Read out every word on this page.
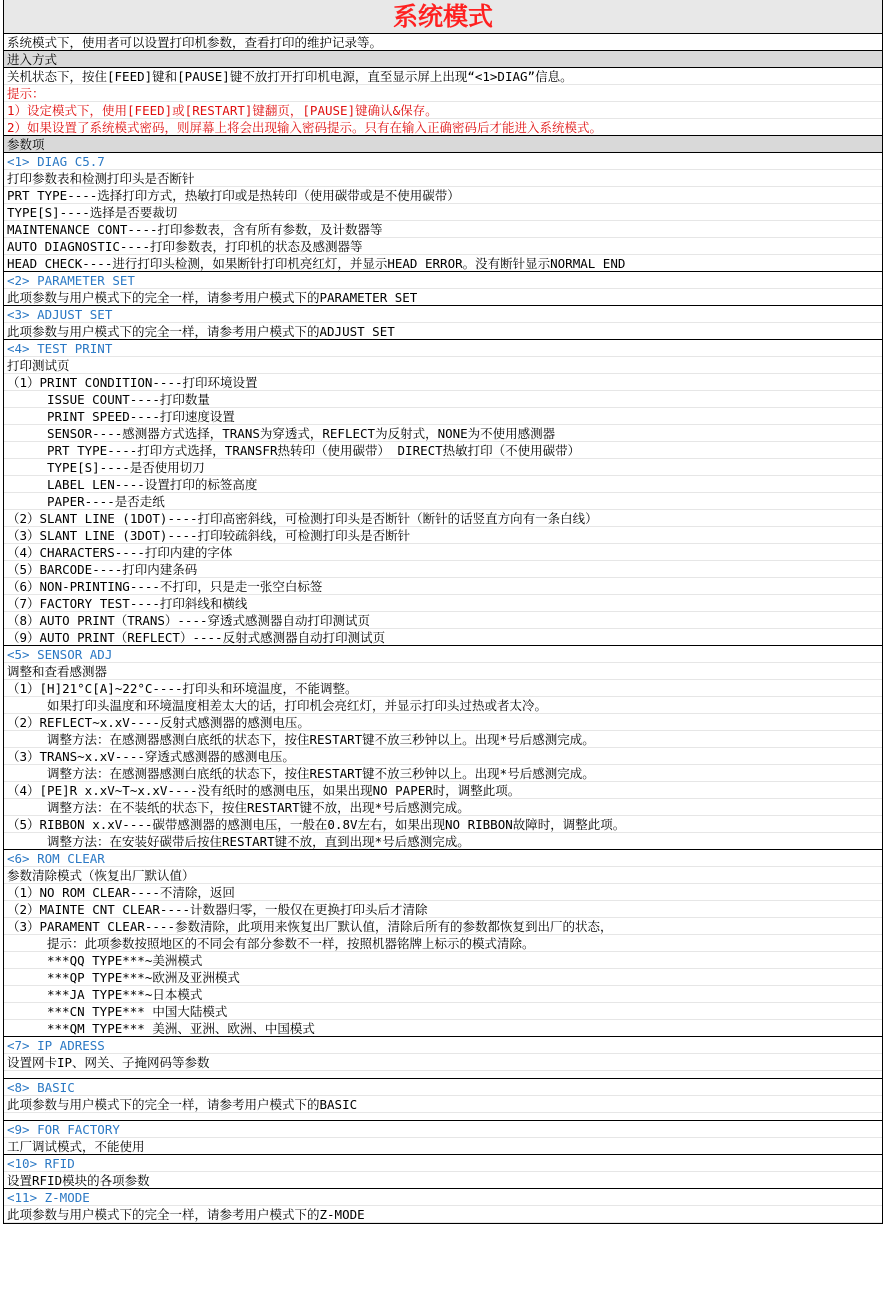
系统模式
系统模式下，使用者可以设置打印机参数，查看打印的维护记录等。
进入方式
关机状态下，按住[FEED]键和[PAUSE]键不放打开打印机电源，直至显示屏上出现“<1>DIAG”信息。
提示：
1）设定模式下，使用[FEED]或[RESTART]键翻页，[PAUSE]键确认&保存。
2）如果设置了系统模式密码，则屏幕上将会出现输入密码提示。只有在输入正确密码后才能进入系统模式。
参数项
<1> DIAG C5.7
打印参数表和检测打印头是否断针
PRT TYPE----选择打印方式，热敏打印或是热转印（使用碳带或是不使用碳带）
TYPE[S]----选择是否要裁切
MAINTENANCE CONT----打印参数表，含有所有参数，及计数器等
AUTO DIAGNOSTIC----打印参数表，打印机的状态及感测器等
HEAD CHECK----进行打印头检测，如果断针打印机亮红灯，并显示HEAD ERROR。没有断针显示NORMAL END
<2> PARAMETER SET
此项参数与用户模式下的完全一样，请参考用户模式下的PARAMETER SET
<3> ADJUST SET
此项参数与用户模式下的完全一样，请参考用户模式下的ADJUST SET
<4> TEST PRINT
打印测试页
（1）PRINT CONDITION----打印环境设置
ISSUE COUNT----打印数量
PRINT SPEED----打印速度设置
SENSOR----感测器方式选择，TRANS为穿透式，REFLECT为反射式，NONE为不使用感测器
PRT TYPE----打印方式选择，TRANSFR热转印（使用碳带） DIRECT热敏打印（不使用碳带）
TYPE[S]----是否使用切刀
LABEL LEN----设置打印的标签高度
PAPER----是否走纸
（2）SLANT LINE (1DOT)----打印高密斜线，可检测打印头是否断针（断针的话竖直方向有一条白线）
（3）SLANT LINE (3DOT)----打印较疏斜线，可检测打印头是否断针
（4）CHARACTERS----打印内建的字体
（5）BARCODE----打印内建条码
（6）NON-PRINTING----不打印，只是走一张空白标签
（7）FACTORY TEST----打印斜线和横线
（8）AUTO PRINT（TRANS）----穿透式感测器自动打印测试页
（9）AUTO PRINT（REFLECT）----反射式感测器自动打印测试页
<5> SENSOR ADJ
调整和查看感测器
（1）[H]21°C[A]~22°C----打印头和环境温度，不能调整。
如果打印头温度和环境温度相差太大的话，打印机会亮红灯，并显示打印头过热或者太冷。
（2）REFLECT~x.xV----反射式感测器的感测电压。
调整方法：在感测器感测白底纸的状态下，按住RESTART键不放三秒钟以上。出现*号后感测完成。
（3）TRANS~x.xV----穿透式感测器的感测电压。
调整方法：在感测器感测白底纸的状态下，按住RESTART键不放三秒钟以上。出现*号后感测完成。
（4）[PE]R x.xV~T~x.xV----没有纸时的感测电压，如果出现NO PAPER时，调整此项。
调整方法：在不装纸的状态下，按住RESTART键不放，出现*号后感测完成。
（5）RIBBON x.xV----碳带感测器的感测电压，一般在0.8V左右，如果出现NO RIBBON故障时，调整此项。
调整方法：在安装好碳带后按住RESTART键不放，直到出现*号后感测完成。
<6> ROM CLEAR
参数清除模式（恢复出厂默认值）
（1）NO ROM CLEAR----不清除，返回
（2）MAINTE CNT CLEAR----计数器归零，一般仅在更换打印头后才清除
（3）PARAMENT CLEAR----参数清除，此项用来恢复出厂默认值，清除后所有的参数都恢复到出厂的状态，
提示：此项参数按照地区的不同会有部分参数不一样，按照机器铭牌上标示的模式清除。
***QQ TYPE***~美洲模式
***QP TYPE***~欧洲及亚洲模式
***JA TYPE***~日本模式
***CN TYPE*** 中国大陆模式
***QM TYPE*** 美洲、亚洲、欧洲、中国模式
<7> IP ADRESS
设置网卡IP、网关、子掩网码等参数
<8> BASIC
此项参数与用户模式下的完全一样，请参考用户模式下的BASIC
<9> FOR FACTORY
工厂调试模式，不能使用
<10> RFID
设置RFID模块的各项参数
<11> Z-MODE
此项参数与用户模式下的完全一样，请参考用户模式下的Z-MODE
